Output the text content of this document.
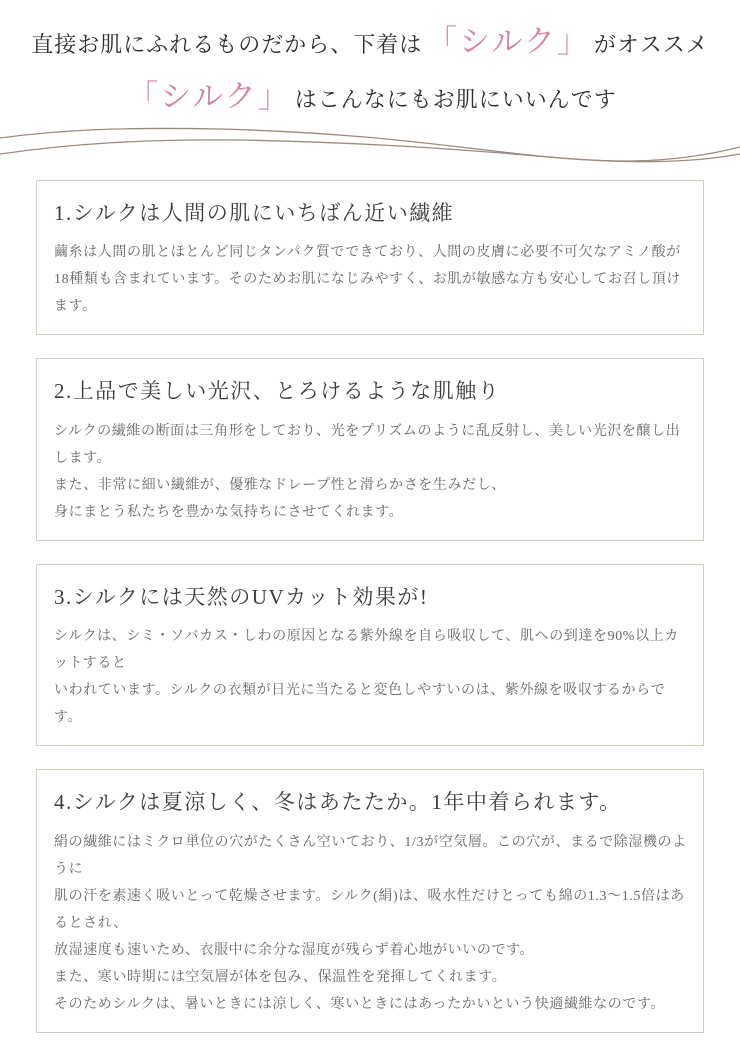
直接お肌にふれるものだから、下着は 「シルク」 がオススメ
「シルク」 はこんなにもお肌にいいんです
1.シルクは人間の肌にいちばん近い繊維
繭糸は人間の肌とほとんど同じタンパク質でできており、人間の皮膚に必要不可欠なアミノ酸が
18種類も含まれています。そのためお肌になじみやすく、お肌が敏感な方も安心してお召し頂けます。
2.上品で美しい光沢、とろけるような肌触り
シルクの繊維の断面は三角形をしており、光をプリズムのように乱反射し、美しい光沢を醸し出します。
また、非常に細い繊維が、優雅なドレープ性と滑らかさを生みだし、
身にまとう私たちを豊かな気持ちにさせてくれます。
3.シルクには天然のUVカット効果が!
シルクは、シミ・ソバカス・しわの原因となる紫外線を自ら吸収して、肌への到達を90%以上カットすると
いわれています。シルクの衣類が日光に当たると変色しやすいのは、紫外線を吸収するからです。
4.シルクは夏涼しく、冬はあたたか。1年中着られます。
絹の繊維にはミクロ単位の穴がたくさん空いており、1/3が空気層。この穴が、まるで除湿機のように
肌の汗を素速く吸いとって乾燥させます。シルク(絹)は、吸水性だけとっても綿の1.3〜1.5倍はあるとされ、
放湿速度も速いため、衣服中に余分な湿度が残らず着心地がいいのです。
また、寒い時期には空気層が体を包み、保温性を発揮してくれます。
そのためシルクは、暑いときには涼しく、寒いときにはあったかいという快適繊維なのです。
